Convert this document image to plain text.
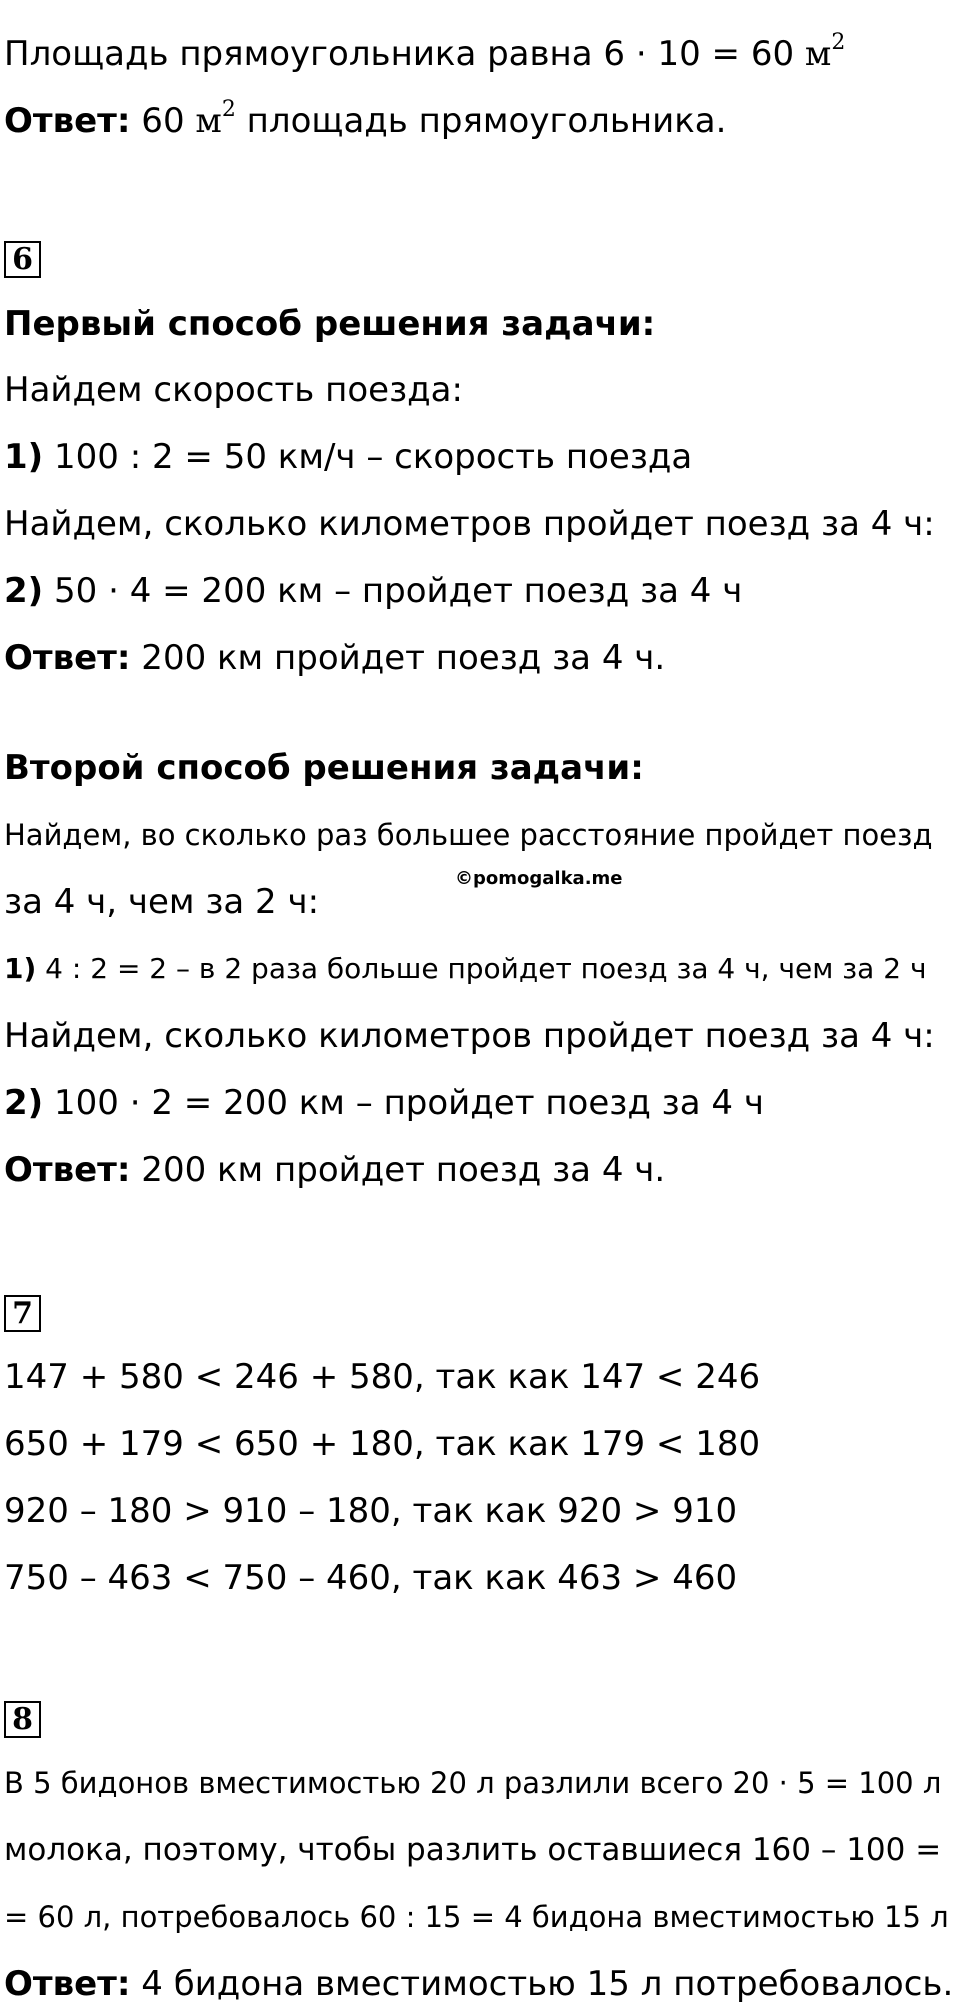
Площадь прямоугольника равна 6 · 10 = 60 $м^2$
Ответ: 60 $м^2$ площадь прямоугольника.
6
Первый способ решения задачи:
Найдем скорость поезда:
1) 100 : 2 = 50 км/ч – скорость поезда
Найдем, сколько километров пройдет поезд за 4 ч:
2) 50 · 4 = 200 км – пройдет поезд за 4 ч
Ответ: 200 км пройдет поезд за 4 ч.
Второй способ решения задачи:
Найдем, во сколько раз большее расстояние пройдет поезд
©pomogalka.me
за 4 ч, чем за 2 ч:
1) 4 : 2 = 2 – в 2 раза больше пройдет поезд за 4 ч, чем за 2 ч
Найдем, сколько километров пройдет поезд за 4 ч:
2) 100 · 2 = 200 км – пройдет поезд за 4 ч
Ответ: 200 км пройдет поезд за 4 ч.
7
147 + 580 < 246 + 580, так как 147 < 246
650 + 179 < 650 + 180, так как 179 < 180
920 – 180 > 910 – 180, так как 920 > 910
750 – 463 < 750 – 460, так как 463 > 460
8
В 5 бидонов вместимостью 20 л разлили всего 20 · 5 = 100 л
молока, поэтому, чтобы разлить оставшиеся 160 – 100 =
= 60 л, потребовалось 60 : 15 = 4 бидона вместимостью 15 л
Ответ: 4 бидона вместимостью 15 л потребовалось.
